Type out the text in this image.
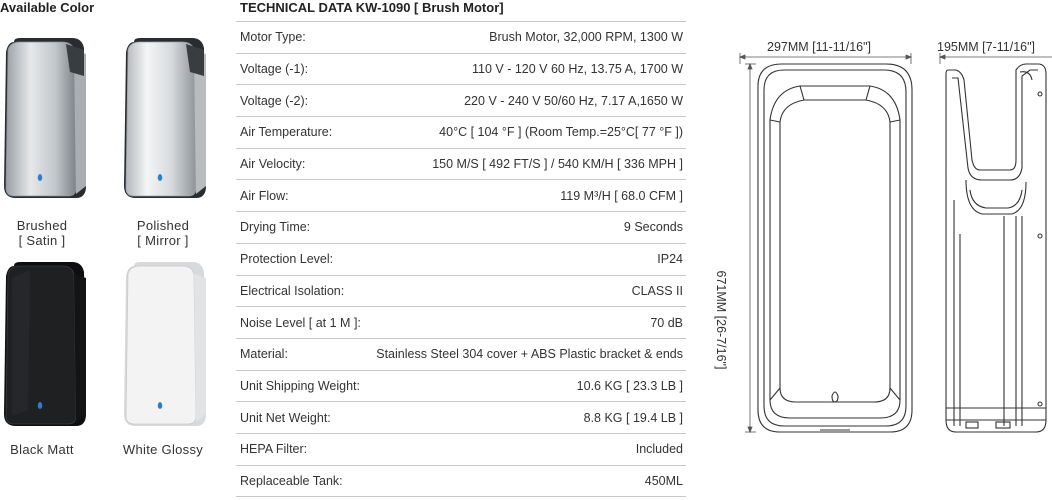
Available Color
Brushed
[ Satin ]
Polished
[ Mirror ]
Black Matt	White Glossy
TECHNICAL DATA KW-1090 [ Brush Motor]
Motor Type:	Brush Motor, 32,000 RPM, 1300 W
Voltage (-1):	110 V - 120 V 60 Hz, 13.75 A, 1700 W
Voltage (-2):	220 V - 240 V 50/60 Hz, 7.17 A,1650 W
Air Temperature:	40°C [ 104 °F ] (Room Temp.=25°C[ 77 °F ])
Air Velocity:	150 M/S [ 492 FT/S ] / 540 KM/H [ 336 MPH ]
Air Flow:	119 M³/H [ 68.0 CFM ]
Drying Time:	9 Seconds
Protection Level:	IP24
Electrical Isolation:	CLASS II
Noise Level [ at 1 M ]:	70 dB
Material:	Stainless Steel 304 cover + ABS Plastic bracket & ends
Unit Shipping Weight:	10.6 KG [ 23.3 LB ]
Unit Net Weight:	8.8 KG [ 19.4 LB ]
HEPA Filter:	Included
Replaceable Tank:	450ML
297MM [11-11/16"]	195MM [7-11/16"]
671MM [26-7/16"]
